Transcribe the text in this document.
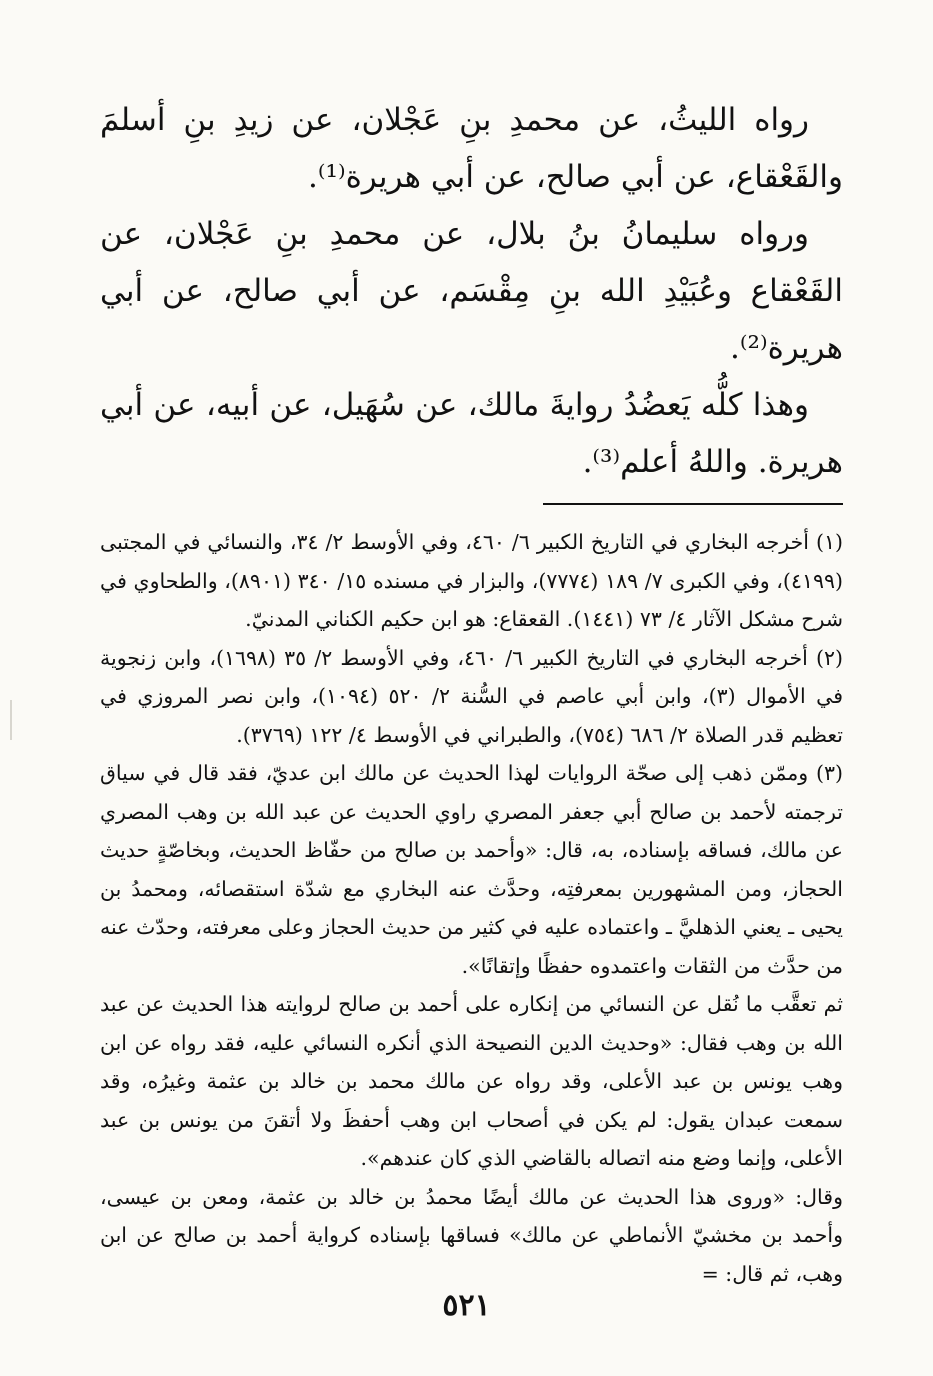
رواه الليثُ، عن محمدِ بنِ عَجْلان، عن زيدِ بنِ أسلمَ والقَعْقاع، عن أبي صالح، عن أبي هريرة⁽¹⁾.

ورواه سليمانُ بنُ بلال، عن محمدِ بنِ عَجْلان، عن القَعْقاع وعُبَيْدِ الله بنِ مِقْسَم، عن أبي صالح، عن أبي هريرة⁽²⁾.

وهذا كلُّه يَعضُدُ روايةَ مالك، عن سُهَيل، عن أبيه، عن أبي هريرة. واللهُ أعلم⁽³⁾.

(١) أخرجه البخاري في التاريخ الكبير ٦/ ٤٦٠، وفي الأوسط ٢/ ٣٤، والنسائي في المجتبى (٤١٩٩)، وفي الكبرى ٧/ ١٨٩ (٧٧٧٤)، والبزار في مسنده ١٥/ ٣٤٠ (٨٩٠١)، والطحاوي في شرح مشكل الآثار ٤/ ٧٣ (١٤٤١). القعقاع: هو ابن حكيم الكناني المدنيّ.

(٢) أخرجه البخاري في التاريخ الكبير ٦/ ٤٦٠، وفي الأوسط ٢/ ٣٥ (١٦٩٨)، وابن زنجوية في الأموال (٣)، وابن أبي عاصم في السُّنة ٢/ ٥٢٠ (١٠٩٤)، وابن نصر المروزي في تعظيم قدر الصلاة ٢/ ٦٨٦ (٧٥٤)، والطبراني في الأوسط ٤/ ١٢٢ (٣٧٦٩).

(٣) وممّن ذهب إلى صحّة الروايات لهذا الحديث عن مالك ابن عديّ، فقد قال في سياق ترجمته لأحمد بن صالح أبي جعفر المصري راوي الحديث عن عبد الله بن وهب المصري عن مالك، فساقه بإسناده، به، قال: «وأحمد بن صالح من حفّاظ الحديث، وبخاصّةٍ حديث الحجاز، ومن المشهورين بمعرفتِه، وحدَّث عنه البخاري مع شدّة استقصائه، ومحمدُ بن يحيى ـ يعني الذهليَّ ـ واعتماده عليه في كثير من حديث الحجاز وعلى معرفته، وحدّث عنه من حدَّث من الثقات واعتمدوه حفظًا وإتقانًا».

ثم تعقَّب ما نُقل عن النسائي من إنكاره على أحمد بن صالح لروايته هذا الحديث عن عبد الله بن وهب فقال: «وحديث الدين النصيحة الذي أنكره النسائي عليه، فقد رواه عن ابن وهب يونس بن عبد الأعلى، وقد رواه عن مالك محمد بن خالد بن عثمة وغيرُه، وقد سمعت عبدان يقول: لم يكن في أصحاب ابن وهب أحفظَ ولا أتقنَ من يونس بن عبد الأعلى، وإنما وضع منه اتصاله بالقاضي الذي كان عندهم».

وقال: «وروى هذا الحديث عن مالك أيضًا محمدُ بن خالد بن عثمة، ومعن بن عيسى، وأحمد بن مخشيّ الأنماطي عن مالك» فساقها بإسناده كرواية أحمد بن صالح عن ابن وهب، ثم قال: =

٥٢١
